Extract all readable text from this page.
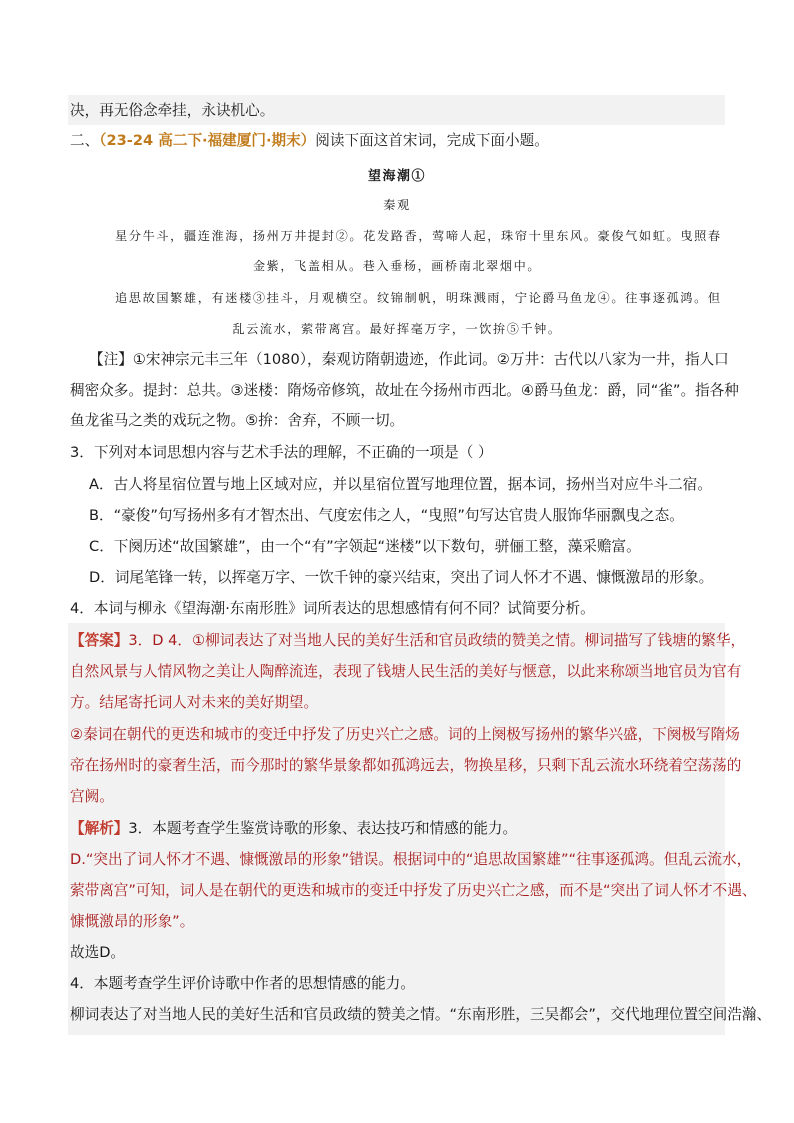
决，再无俗念牵挂，永诀机心。
二、（23-24 高二下·福建厦门·期末）阅读下面这首宋词，完成下面小题。
望海潮①
秦观
星分牛斗，疆连淮海，扬州万井提封②。花发路香，莺啼人起，珠帘十里东风。豪俊气如虹。曳照春
金紫，飞盖相从。巷入垂杨，画桥南北翠烟中。
追思故国繁雄，有迷楼③挂斗，月观横空。纹锦制帆，明珠溅雨，宁论爵马鱼龙④。往事逐孤鸿。但
乱云流水，萦带离宫。最好挥毫万字，一饮拚⑤千钟。
【注】①宋神宗元丰三年（1080），秦观访隋朝遗迹，作此词。②万井：古代以八家为一井，指人口
稠密众多。提封：总共。③迷楼：隋炀帝修筑，故址在今扬州市西北。④爵马鱼龙：爵，同“雀”。指各种
鱼龙雀马之类的戏玩之物。⑤拚：舍弃，不顾一切。
3．下列对本词思想内容与艺术手法的理解，不正确的一项是（ ）
A．古人将星宿位置与地上区域对应，并以星宿位置写地理位置，据本词，扬州当对应牛斗二宿。
B．“豪俊”句写扬州多有才智杰出、气度宏伟之人，“曳照”句写达官贵人服饰华丽飘曳之态。
C．下阕历述“故国繁雄”，由一个“有”字领起“迷楼”以下数句，骈俪工整，藻采赡富。
D．词尾笔锋一转，以挥毫万字、一饮千钟的豪兴结束，突出了词人怀才不遇、慷慨激昂的形象。
4．本词与柳永《望海潮·东南形胜》词所表达的思想感情有何不同？试简要分析。
【答案】3．D 4．①柳词表达了对当地人民的美好生活和官员政绩的赞美之情。柳词描写了钱塘的繁华，
自然风景与人情风物之美让人陶醉流连，表现了钱塘人民生活的美好与惬意，以此来称颂当地官员为官有
方。结尾寄托词人对未来的美好期望。
②秦词在朝代的更迭和城市的变迁中抒发了历史兴亡之感。词的上阕极写扬州的繁华兴盛，下阕极写隋炀
帝在扬州时的豪奢生活，而今那时的繁华景象都如孤鸿远去，物换星移，只剩下乱云流水环绕着空荡荡的
宫阙。
【解析】3．本题考查学生鉴赏诗歌的形象、表达技巧和情感的能力。
D.“突出了词人怀才不遇、慷慨激昂的形象”错误。根据词中的“追思故国繁雄”“往事逐孤鸿。但乱云流水，
萦带离宫”可知，词人是在朝代的更迭和城市的变迁中抒发了历史兴亡之感，而不是“突出了词人怀才不遇、
慷慨激昂的形象”。
故选D。
4．本题考查学生评价诗歌中作者的思想情感的能力。
柳词表达了对当地人民的美好生活和官员政绩的赞美之情。“东南形胜，三吴都会”，交代地理位置空间浩瀚、
